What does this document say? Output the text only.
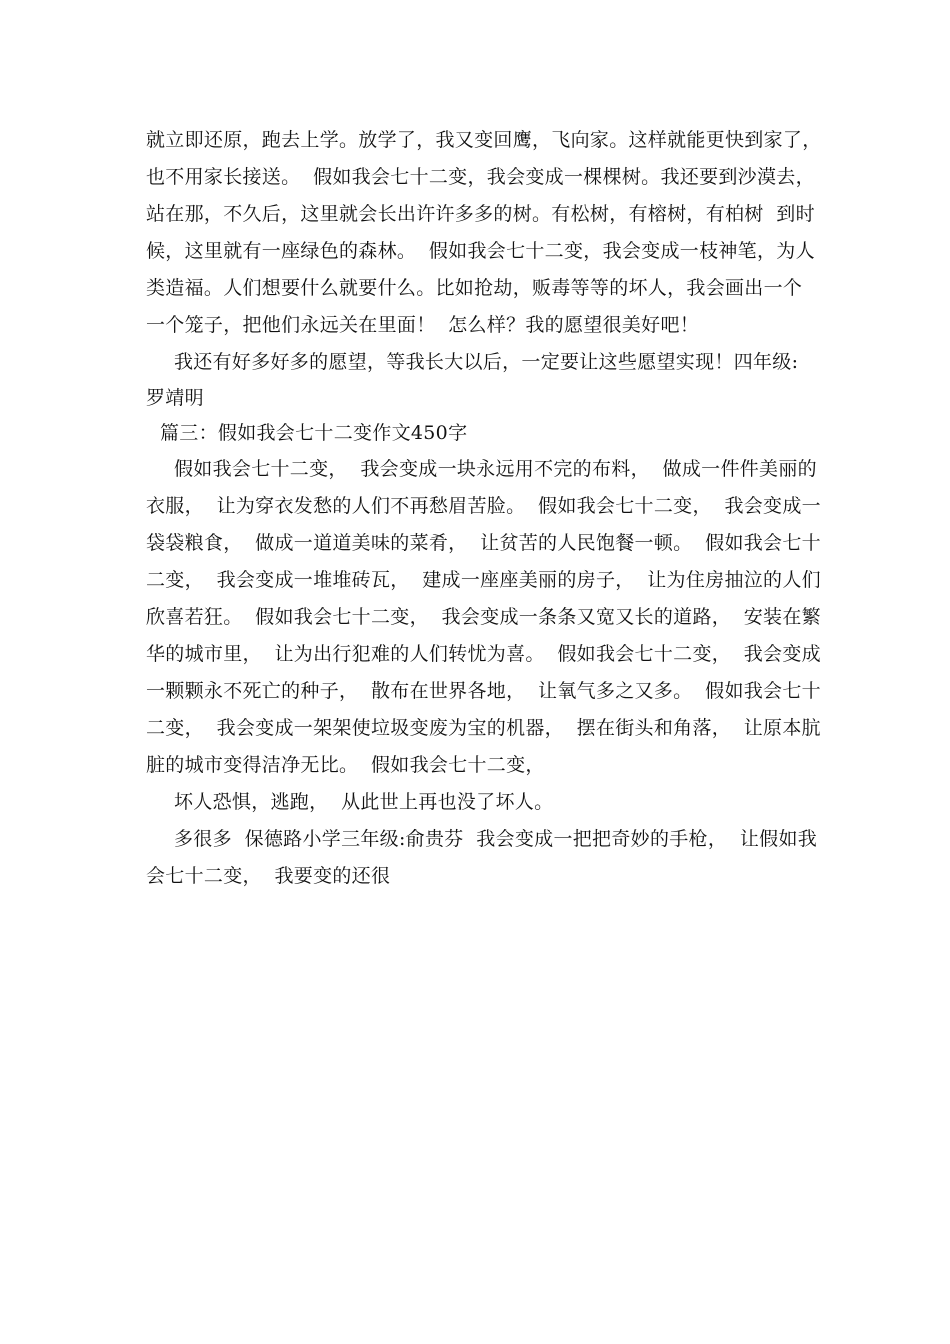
就立即还原，跑去上学。放学了，我又变回鹰，飞向家。这样就能更快到家了，
也不用家长接送。  假如我会七十二变，我会变成一棵棵树。我还要到沙漠去，
站在那，不久后，这里就会长出许许多多的树。有松树，有榕树，有柏树  到时
候，这里就有一座绿色的森林。  假如我会七十二变，我会变成一枝神笔，为人
类造福。人们想要什么就要什么。比如抢劫，贩毒等等的坏人，我会画出一个
一个笼子，把他们永远关在里面！  怎么样？我的愿望很美好吧！
我还有好多好多的愿望，等我长大以后，一定要让这些愿望实现！四年级:
罗靖明
篇三：假如我会七十二变作文450字
假如我会七十二变，  我会变成一块永远用不完的布料，  做成一件件美丽的
衣服，  让为穿衣发愁的人们不再愁眉苦脸。  假如我会七十二变，  我会变成一
袋袋粮食，  做成一道道美味的菜肴，  让贫苦的人民饱餐一顿。  假如我会七十
二变，  我会变成一堆堆砖瓦，  建成一座座美丽的房子，  让为住房抽泣的人们
欣喜若狂。  假如我会七十二变，  我会变成一条条又宽又长的道路，  安装在繁
华的城市里，  让为出行犯难的人们转忧为喜。  假如我会七十二变，  我会变成
一颗颗永不死亡的种子，  散布在世界各地，  让氧气多之又多。  假如我会七十
二变，  我会变成一架架使垃圾变废为宝的机器，  摆在街头和角落，  让原本肮
脏的城市变得洁净无比。  假如我会七十二变，
坏人恐惧，逃跑，  从此世上再也没了坏人。
多很多  保德路小学三年级:俞贵芬  我会变成一把把奇妙的手枪，  让假如我
会七十二变，  我要变的还很
